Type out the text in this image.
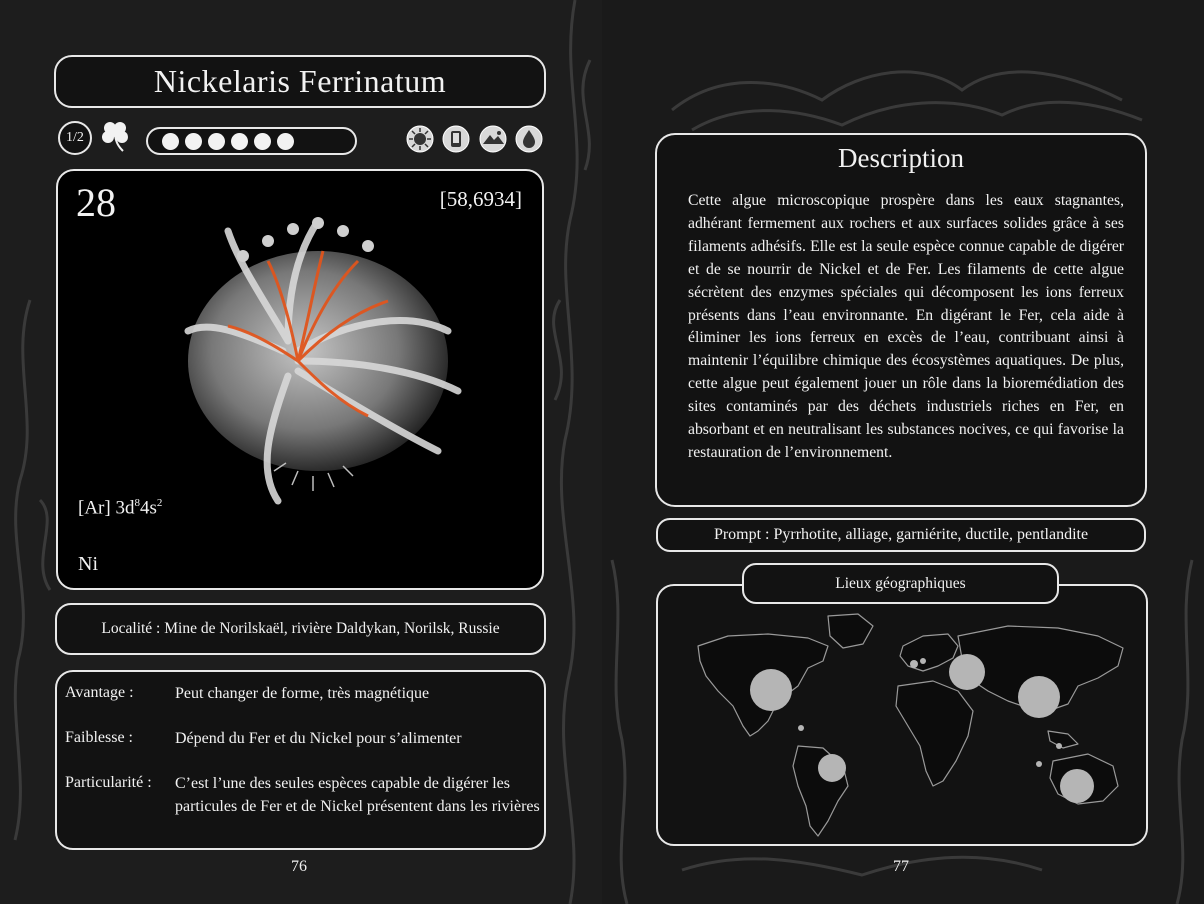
Nickelaris Ferrinatum
1/2
28	[58,6934]
[Ar] $3d^84s^2$
Ni
Localité : Mine de Norilskaël, rivière Daldykan, Norilsk, Russie
Avantage :	Peut changer de forme, très magnétique
Faiblesse :	Dépend du Fer et du Nickel pour s’alimenter
Particularité : C’est l’une des seules espèces capable de digérer les particules de Fer et de Nickel présentent dans les rivières
76
Description
Cette algue microscopique prospère dans les eaux stagnantes, adhérant fermement aux rochers et aux surfaces solides grâce à ses filaments adhésifs. Elle est la seule espèce connue capable de digérer et de se nourrir de Nickel et de Fer. Les filaments de cette algue sécrètent des enzymes spéciales qui décomposent les ions ferreux présents dans l’eau environnante. En digérant le Fer, cela aide à éliminer les ions ferreux en excès de l’eau, contribuant ainsi à maintenir l’équilibre chimique des écosystèmes aquatiques. De plus, cette algue peut également jouer un rôle dans la bioremédiation des sites contaminés par des déchets industriels riches en Fer, en absorbant et en neutralisant les substances nocives, ce qui favorise la restauration de l’environnement.
Prompt : Pyrrhotite, alliage, garniérite, ductile, pentlandite
Lieux géographiques
77
